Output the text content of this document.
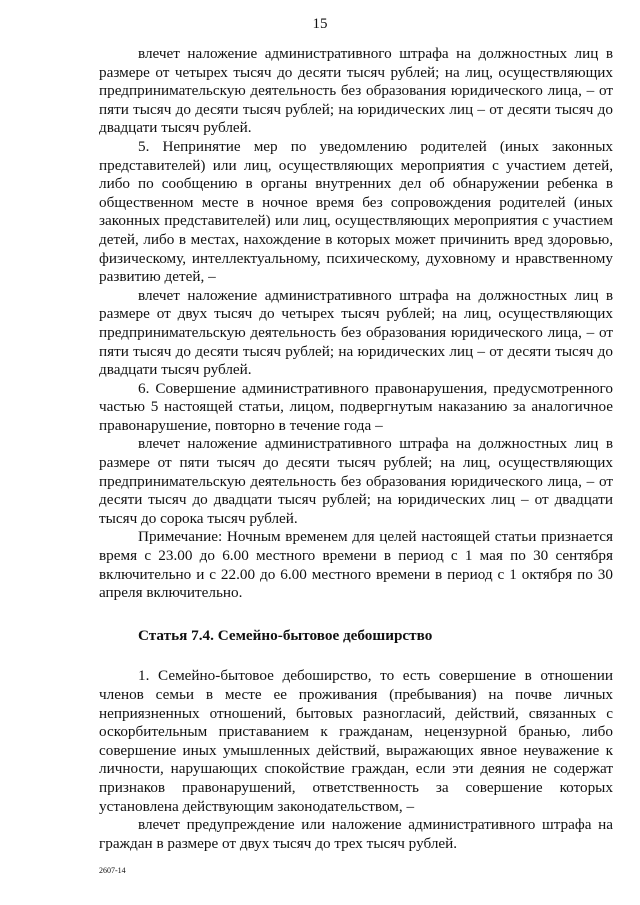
15

влечет наложение административного штрафа на должностных лиц в размере от четырех тысяч до десяти тысяч рублей; на лиц, осуществляющих предпринимательскую деятельность без образования юридического лица, – от пяти тысяч до десяти тысяч рублей; на юридических лиц – от десяти тысяч до двадцати тысяч рублей.

5. Непринятие мер по уведомлению родителей (иных законных представителей) или лиц, осуществляющих мероприятия с участием детей, либо по сообщению в органы внутренних дел об обнаружении ребенка в общественном месте в ночное время без сопровождения родителей (иных законных представителей) или лиц, осуществляющих мероприятия с участием детей, либо в местах, нахождение в которых может причинить вред здоровью, физическому, интеллектуальному, психическому, духовному и нравственному развитию детей, –

влечет наложение административного штрафа на должностных лиц в размере от двух тысяч до четырех тысяч рублей; на лиц, осуществляющих предпринимательскую деятельность без образования юридического лица, – от пяти тысяч до десяти тысяч рублей; на юридических лиц – от десяти тысяч до двадцати тысяч рублей.

6. Совершение административного правонарушения, предусмотренного частью 5 настоящей статьи, лицом, подвергнутым наказанию за аналогичное правонарушение, повторно в течение года –

влечет наложение административного штрафа на должностных лиц в размере от пяти тысяч до десяти тысяч рублей; на лиц, осуществляющих предпринимательскую деятельность без образования юридического лица, – от десяти тысяч до двадцати тысяч рублей; на юридических лиц – от двадцати тысяч до сорока тысяч рублей.

Примечание: Ночным временем для целей настоящей статьи признается время с 23.00 до 6.00 местного времени в период с 1 мая по 30 сентября включительно и с 22.00 до 6.00 местного времени в период с 1 октября по 30 апреля включительно.

Статья 7.4. Семейно-бытовое дебоширство

1. Семейно-бытовое дебоширство, то есть совершение в отношении членов семьи в месте ее проживания (пребывания) на почве личных неприязненных отношений, бытовых разногласий, действий, связанных с оскорбительным приставанием к гражданам, нецензурной бранью, либо совершение иных умышленных действий, выражающих явное неуважение к личности, нарушающих спокойствие граждан, если эти деяния не содержат признаков правонарушений, ответственность за совершение которых установлена действующим законодательством, –

влечет предупреждение или наложение административного штрафа на граждан в размере от двух тысяч до трех тысяч рублей.

2607-14
